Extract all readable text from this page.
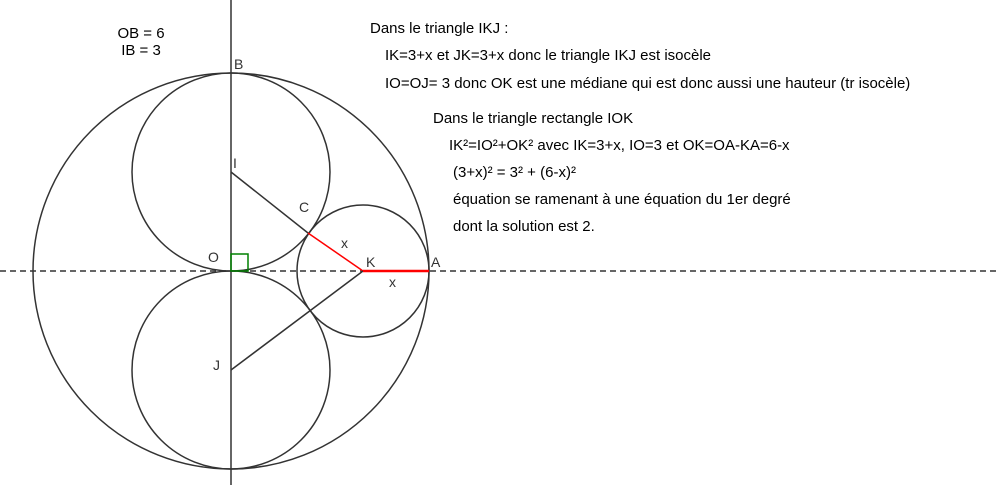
B
I
C
O	K	A
J
x
x
OB = 6
IB = 3
Dans le triangle IKJ :
IK=3+x et JK=3+x donc le triangle IKJ est isocèle
IO=OJ= 3 donc OK est une médiane qui est donc aussi une hauteur (tr isocèle)
Dans le triangle rectangle IOK
IK²=IO²+OK² avec IK=3+x, IO=3 et OK=OA-KA=6-x
(3+x)² = 3² + (6-x)²
équation se ramenant à une équation du 1er degré
dont la solution est 2.
